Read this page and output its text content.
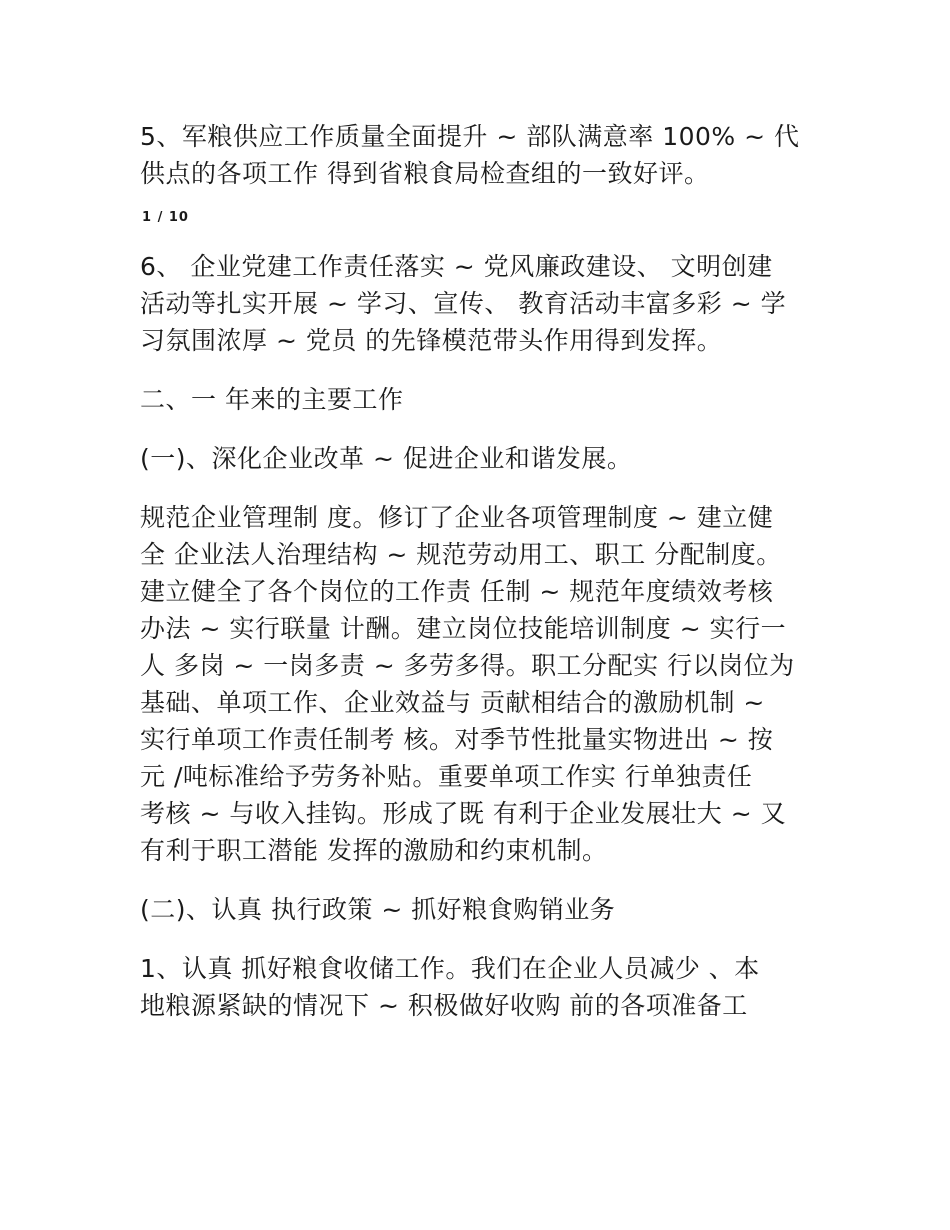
5、军粮供应工作质量全面提升 ~ 部队满意率 100% ~ 代
供点的各项工作 得到省粮食局检查组的一致好评。

1 / 10

6、 企业党建工作责任落实 ~ 党风廉政建设、 文明创建
活动等扎实开展 ~ 学习、宣传、 教育活动丰富多彩 ~ 学
习氛围浓厚 ~ 党员 的先锋模范带头作用得到发挥。

二、一 年来的主要工作

(一)、深化企业改革 ~ 促进企业和谐发展。

规范企业管理制 度。修订了企业各项管理制度 ~ 建立健
全 企业法人治理结构 ~ 规范劳动用工、职工 分配制度。
建立健全了各个岗位的工作责 任制 ~ 规范年度绩效考核
办法 ~ 实行联量 计酬。建立岗位技能培训制度 ~ 实行一
人 多岗 ~ 一岗多责 ~ 多劳多得。职工分配实 行以岗位为
基础、单项工作、企业效益与 贡献相结合的激励机制 ~
实行单项工作责任制考 核。对季节性批量实物进出 ~ 按
元 /吨标准给予劳务补贴。重要单项工作实 行单独责任
考核 ~ 与收入挂钩。形成了既 有利于企业发展壮大 ~ 又
有利于职工潜能 发挥的激励和约束机制。

(二)、认真 执行政策 ~ 抓好粮食购销业务

1、认真 抓好粮食收储工作。我们在企业人员减少 、本
地粮源紧缺的情况下 ~ 积极做好收购 前的各项准备工
